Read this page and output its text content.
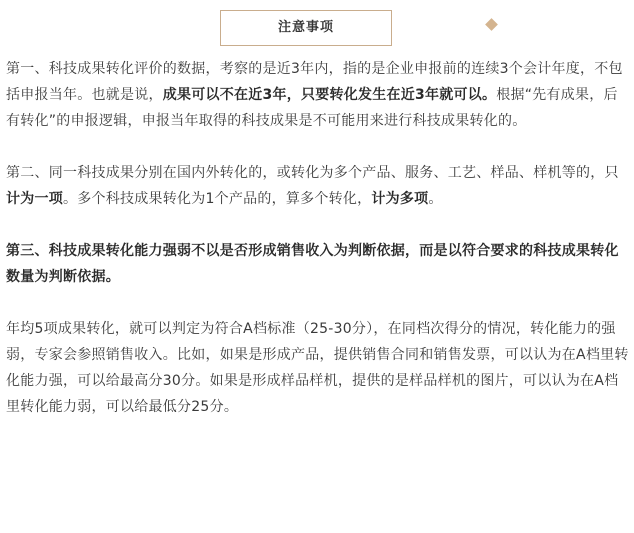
注意事项

第一、科技成果转化评价的数据，考察的是近3年内，指的是企业申报前的连续3个会计年度，不包括申报当年。也就是说，成果可以不在近3年，只要转化发生在近3年就可以。根据“先有成果，后有转化”的申报逻辑，申报当年取得的科技成果是不可能用来进行科技成果转化的。

第二、同一科技成果分别在国内外转化的，或转化为多个产品、服务、工艺、样品、样机等的，只计为一项。多个科技成果转化为1个产品的，算多个转化，计为多项。

第三、科技成果转化能力强弱不以是否形成销售收入为判断依据，而是以符合要求的科技成果转化数量为判断依据。

年均5项成果转化，就可以判定为符合A档标准（25-30分），在同档次得分的情况，转化能力的强弱，专家会参照销售收入。比如，如果是形成产品，提供销售合同和销售发票，可以认为在A档里转化能力强，可以给最高分30分。如果是形成样品样机，提供的是样品样机的图片，可以认为在A档里转化能力弱，可以给最低分25分。
